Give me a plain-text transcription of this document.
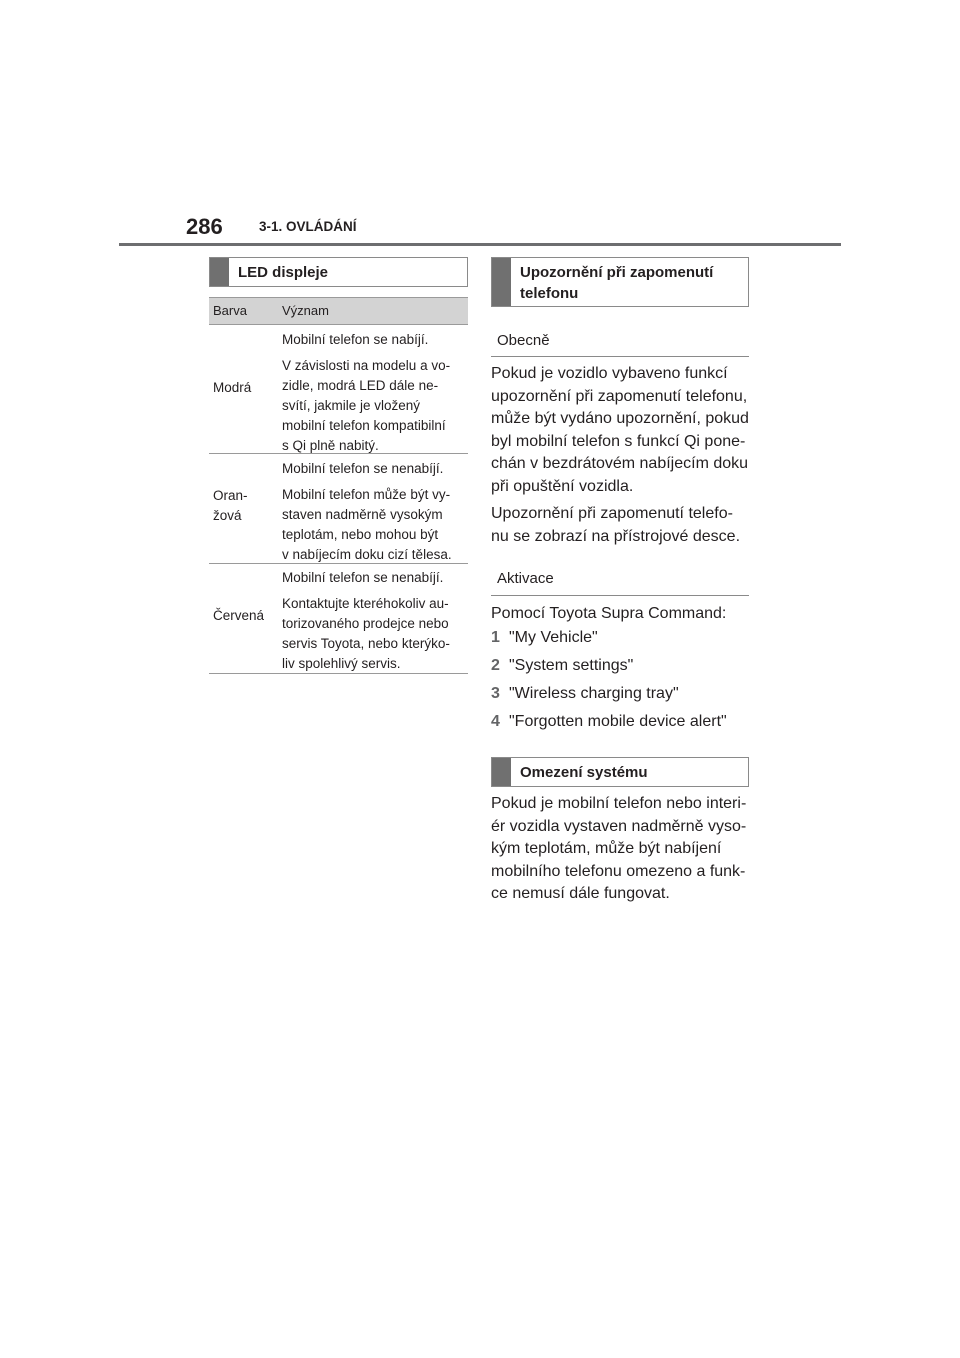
286	3-1. OVLÁDÁNÍ
LED displeje
Barva	Význam
Modrá

Mobilní telefon se nabíjí.

V závislosti na modelu a vo-
zidle, modrá LED dále ne-
svítí, jakmile je vložený
mobilní telefon kompatibilní
s Qi plně nabitý.

Oran-
žová

Mobilní telefon se nenabíjí.

Mobilní telefon může být vy-
staven nadměrně vysokým
teplotám, nebo mohou být
v nabíjecím doku cizí tělesa.

Červená

Mobilní telefon se nenabíjí.

Kontaktujte kteréhokoliv au-
torizovaného prodejce nebo
servis Toyota, nebo kterýko-
liv spolehlivý servis.

Upozornění při zapomenutí
telefonu
Obecně
Pokud je vozidlo vybaveno funkcí
upozornění při zapomenutí telefonu,
může být vydáno upozornění, pokud
byl mobilní telefon s funkcí Qi pone-
chán v bezdrátovém nabíjecím doku
při opuštění vozidla.
Upozornění při zapomenutí telefo-
nu se zobrazí na přístrojové desce.
Aktivace
Pomocí Toyota Supra Command:
1 "My Vehicle"
2 "System settings"
3 "Wireless charging tray"
4 "Forgotten mobile device alert"
Omezení systému
Pokud je mobilní telefon nebo interi-
ér vozidla vystaven nadměrně vyso-
kým teplotám, může být nabíjení
mobilního telefonu omezeno a funk-
ce nemusí dále fungovat.
